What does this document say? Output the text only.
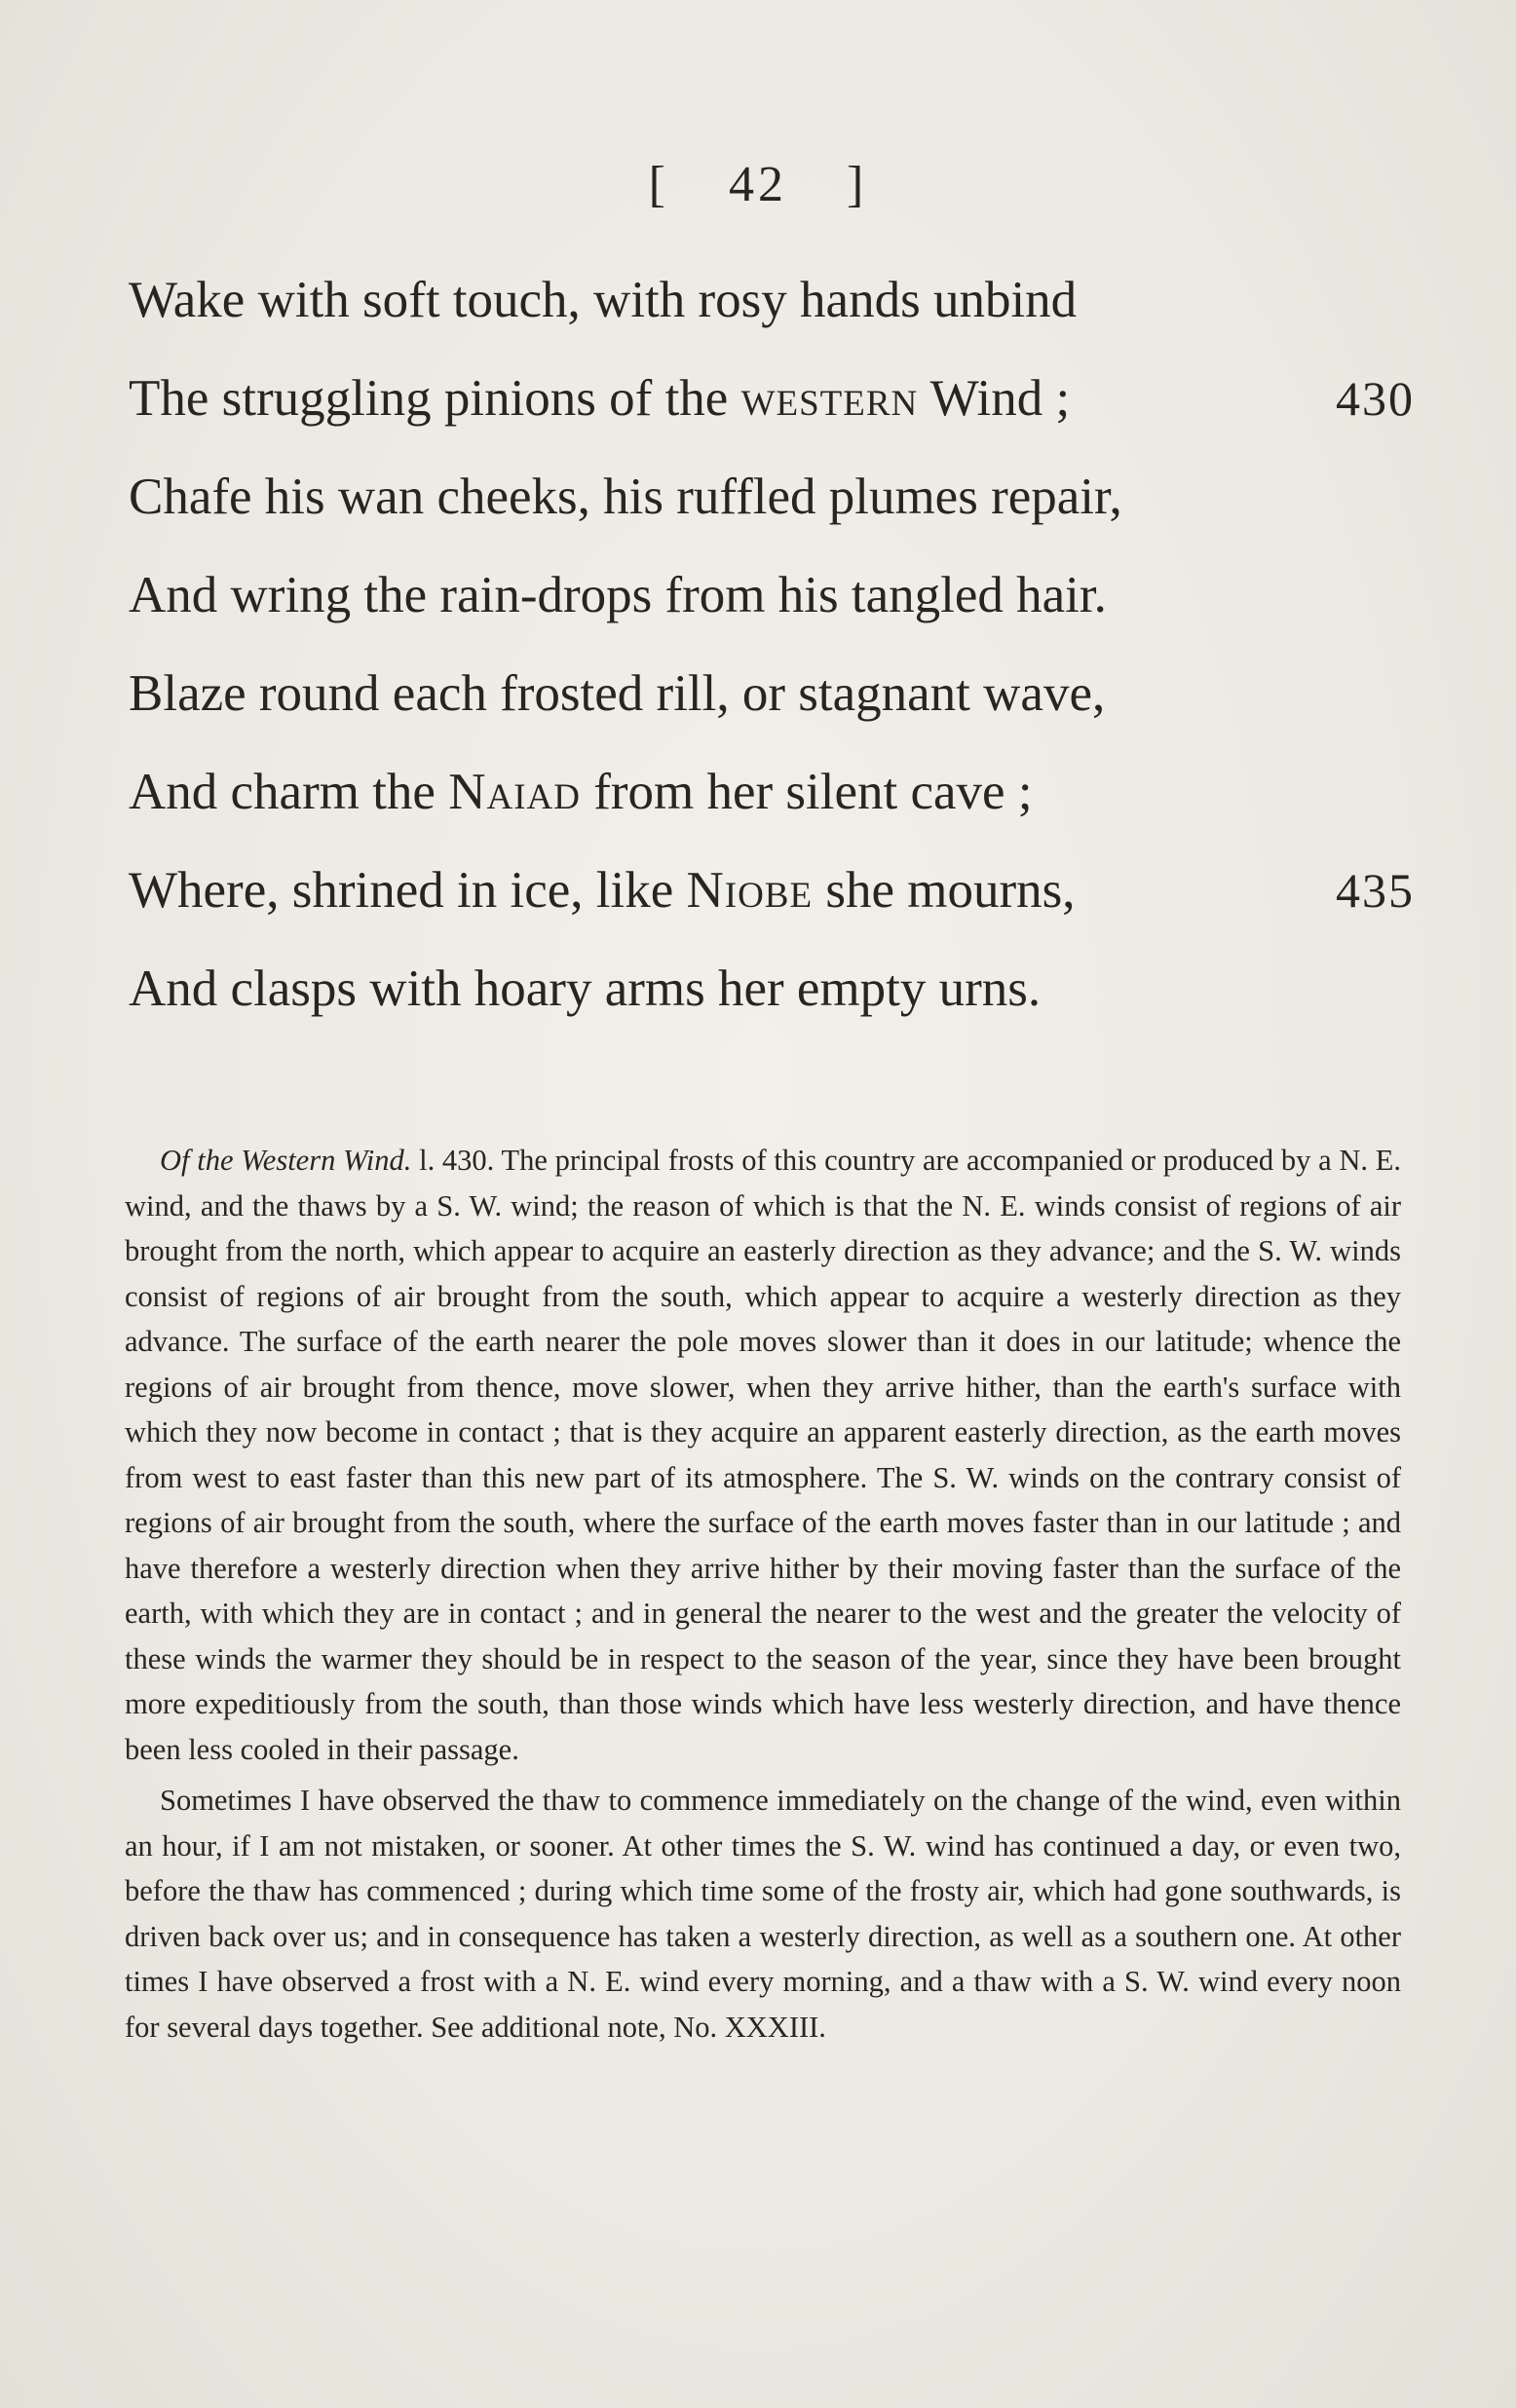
[ 42 ]
Wake with soft touch, with rosy hands unbind
The struggling pinions of the western Wind ;	430
Chafe his wan cheeks, his ruffled plumes repair,
And wring the rain-drops from his tangled hair.
Blaze round each frosted rill, or stagnant wave,
And charm the Naiad from her silent cave ;
Where, shrined in ice, like Niobe she mourns,	435
And clasps with hoary arms her empty urns.

Of the Western Wind. l. 430. The principal frosts of this country are accompanied or produced by a N. E. wind, and the thaws by a S. W. wind; the reason of which is that the N. E. winds consist of regions of air brought from the north, which appear to acquire an easterly direction as they advance; and the S. W. winds consist of regions of air brought from the south, which appear to acquire a westerly direction as they advance. The surface of the earth nearer the pole moves slower than it does in our latitude; whence the regions of air brought from thence, move slower, when they arrive hither, than the earth's surface with which they now become in contact ; that is they acquire an apparent easterly direction, as the earth moves from west to east faster than this new part of its atmosphere. The S. W. winds on the contrary consist of regions of air brought from the south, where the surface of the earth moves faster than in our latitude ; and have therefore a westerly direction when they arrive hither by their moving faster than the surface of the earth, with which they are in contact ; and in general the nearer to the west and the greater the velocity of these winds the warmer they should be in respect to the season of the year, since they have been brought more expeditiously from the south, than those winds which have less westerly direction, and have thence been less cooled in their passage.

Sometimes I have observed the thaw to commence immediately on the change of the wind, even within an hour, if I am not mistaken, or sooner. At other times the S. W. wind has continued a day, or even two, before the thaw has commenced ; during which time some of the frosty air, which had gone southwards, is driven back over us; and in consequence has taken a westerly direction, as well as a southern one. At other times I have observed a frost with a N. E. wind every morning, and a thaw with a S. W. wind every noon for several days together. See additional note, No. XXXIII.
